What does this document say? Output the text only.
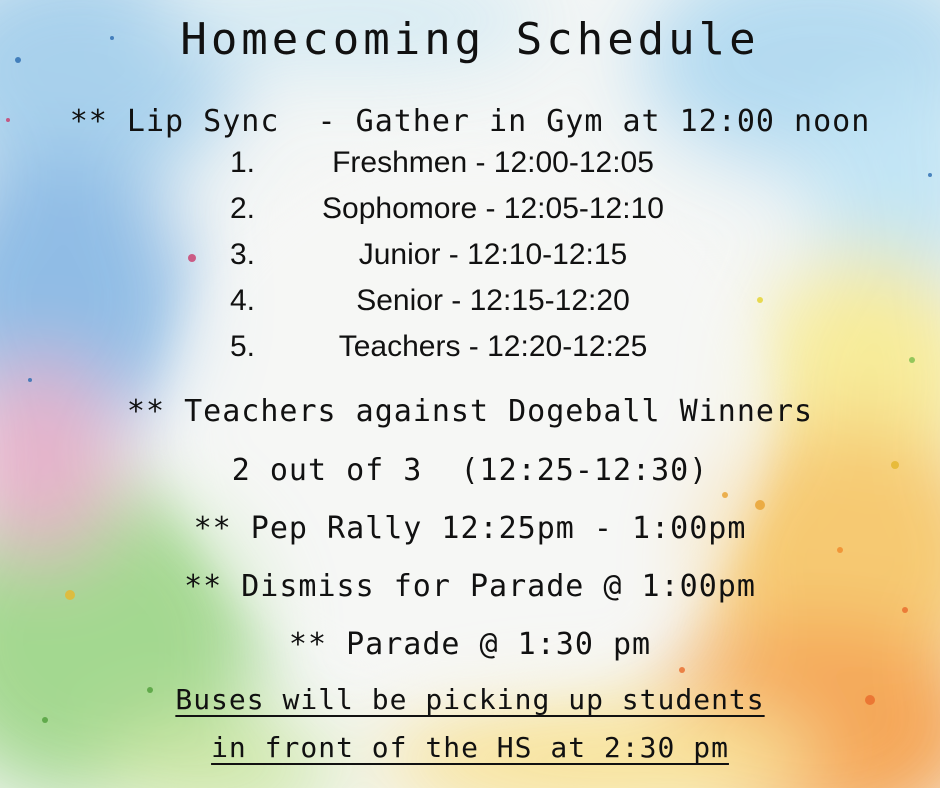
Homecoming Schedule
** Lip Sync  - Gather in Gym at 12:00 noon
1.	Freshmen - 12:00-12:05
2.	Sophomore - 12:05-12:10
3.	Junior - 12:10-12:15
4.	Senior - 12:15-12:20
5.	Teachers - 12:20-12:25
** Teachers against Dogeball Winners
2 out of 3  (12:25-12:30)
** Pep Rally 12:25pm - 1:00pm
** Dismiss for Parade @ 1:00pm
** Parade @ 1:30 pm
Buses will be picking up students
in front of the HS at 2:30 pm
